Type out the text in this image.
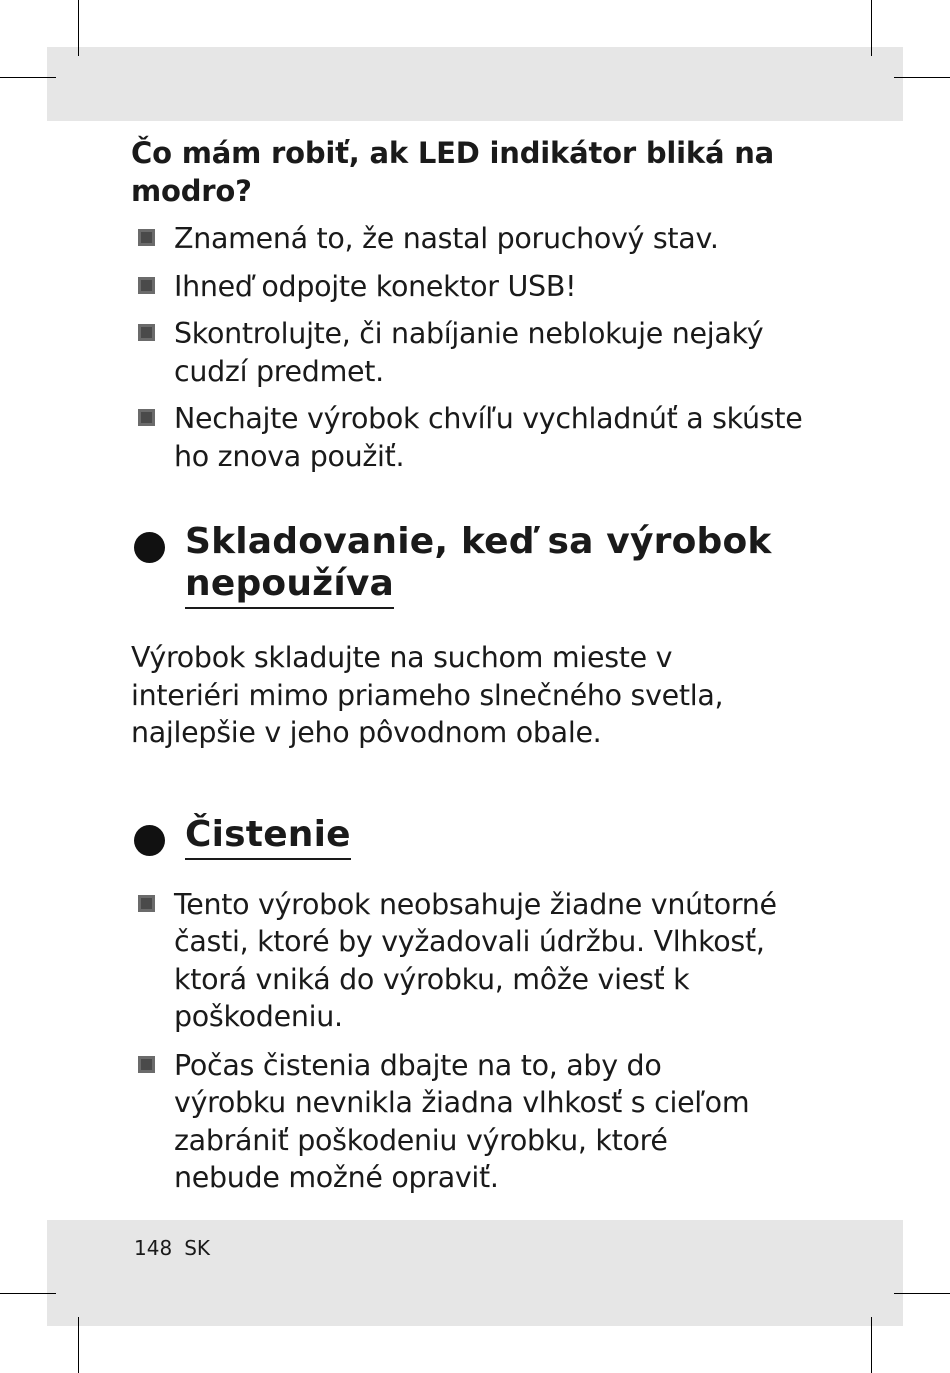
Čo mám robiť, ak LED indikátor bliká na modro?
Znamená to, že nastal poruchový stav.
Ihneď odpojte konektor USB!
Skontrolujte, či nabíjanie neblokuje nejaký cudzí predmet.
Nechajte výrobok chvíľu vychladnúť a skúste ho znova použiť.
Skladovanie, keď sa výrobok
nepoužíva

Výrobok skladujte na suchom mieste v interiéri mimo priameho slnečného svetla, najlepšie v jeho pôvodnom obale.

Čistenie
Tento výrobok neobsahuje žiadne vnútorné časti, ktoré by vyžadovali údržbu. Vlhkosť, ktorá vniká do výrobku, môže viesť k poškodeniu.
Počas čistenia dbajte na to, aby do výrobku nevnikla žiadna vlhkosť s cieľom zabrániť poškodeniu výrobku, ktoré nebude možné opraviť.
148 SK
